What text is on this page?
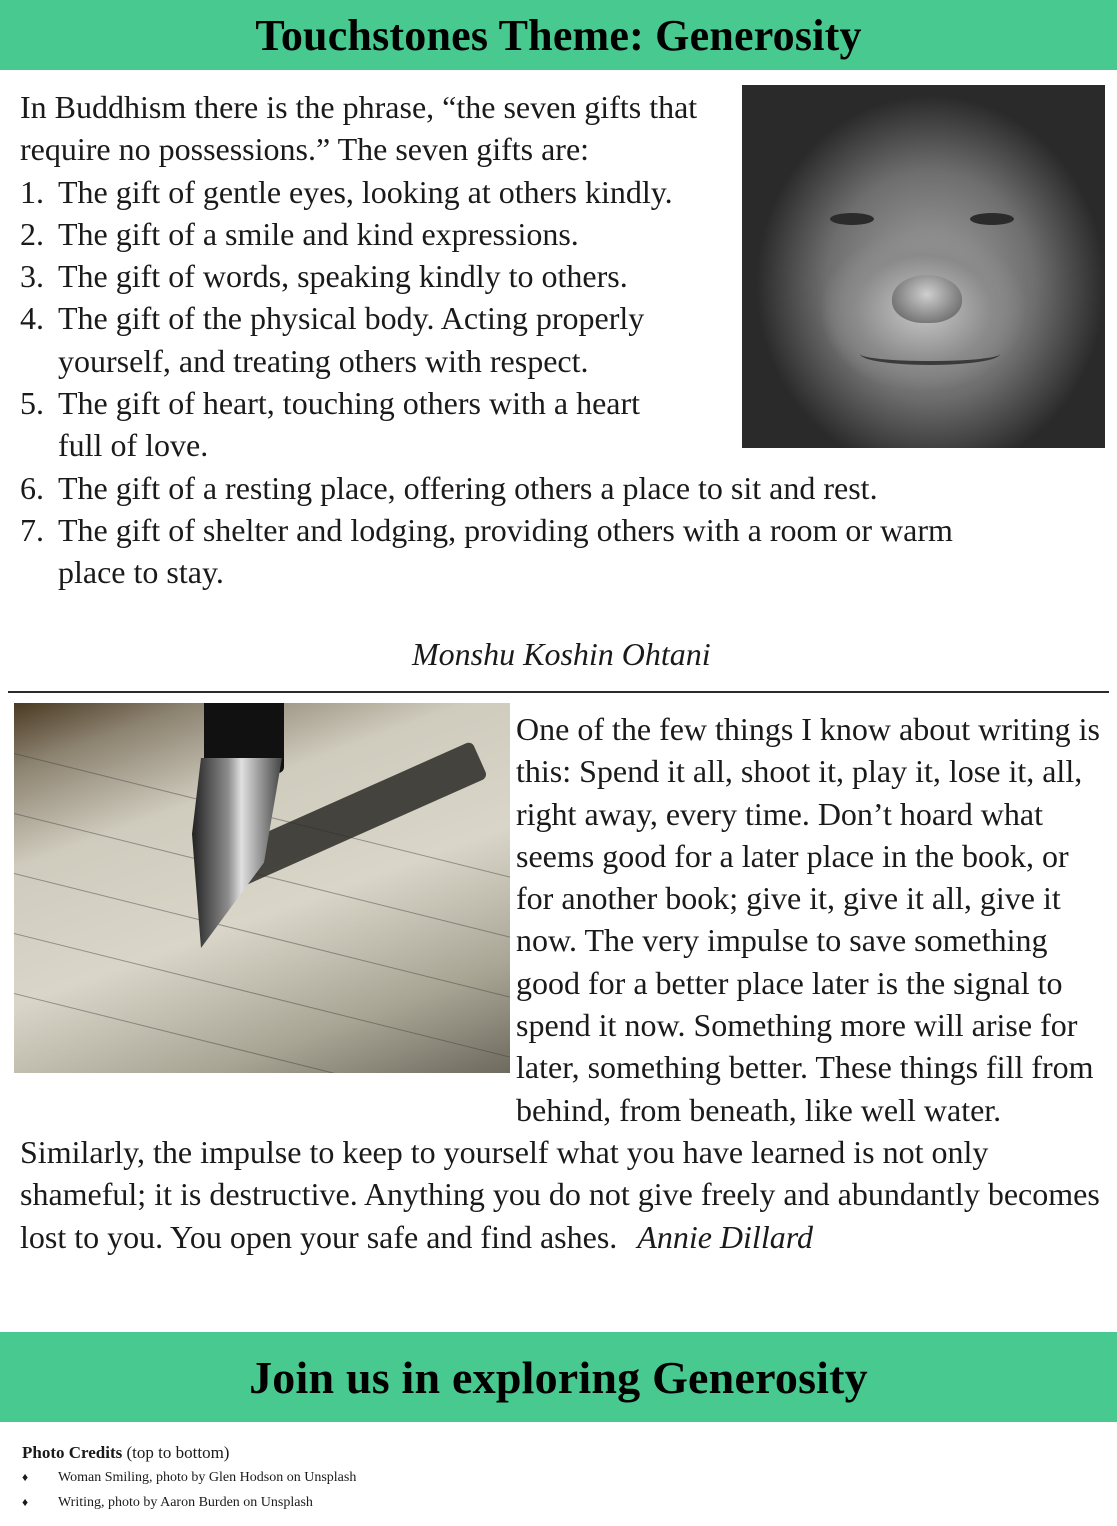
Touchstones Theme: Generosity
In Buddhism there is the phrase, “the seven gifts that require no possessions.” The seven gifts are:
1. The gift of gentle eyes, looking at others kindly.
2. The gift of a smile and kind expressions.
3. The gift of words, speaking kindly to others.
4. The gift of the physical body. Acting properly yourself, and treating others with respect.
5. The gift of heart, touching others with a heart full of love.
6. The gift of a resting place, offering others a place to sit and rest.
7. The gift of shelter and lodging, providing others with a room or warm place to stay.
Monshu Koshin Ohtani
One of the few things I know about writing is this: Spend it all, shoot it, play it, lose it, all, right away, every time. Don’t hoard what seems good for a later place in the book, or for another book; give it, give it all, give it now. The very impulse to save something good for a better place later is the signal to spend it now. Something more will arise for later, something better. These things fill from behind, from beneath, like well water. Similarly, the impulse to keep to yourself what you have learned is not only shameful; it is destructive. Anything you do not give freely and abundantly becomes lost to you. You open your safe and find ashes. Annie Dillard
Join us in exploring Generosity
Photo Credits (top to bottom)
♦	Woman Smiling, photo by Glen Hodson on Unsplash
♦	Writing, photo by Aaron Burden on Unsplash
